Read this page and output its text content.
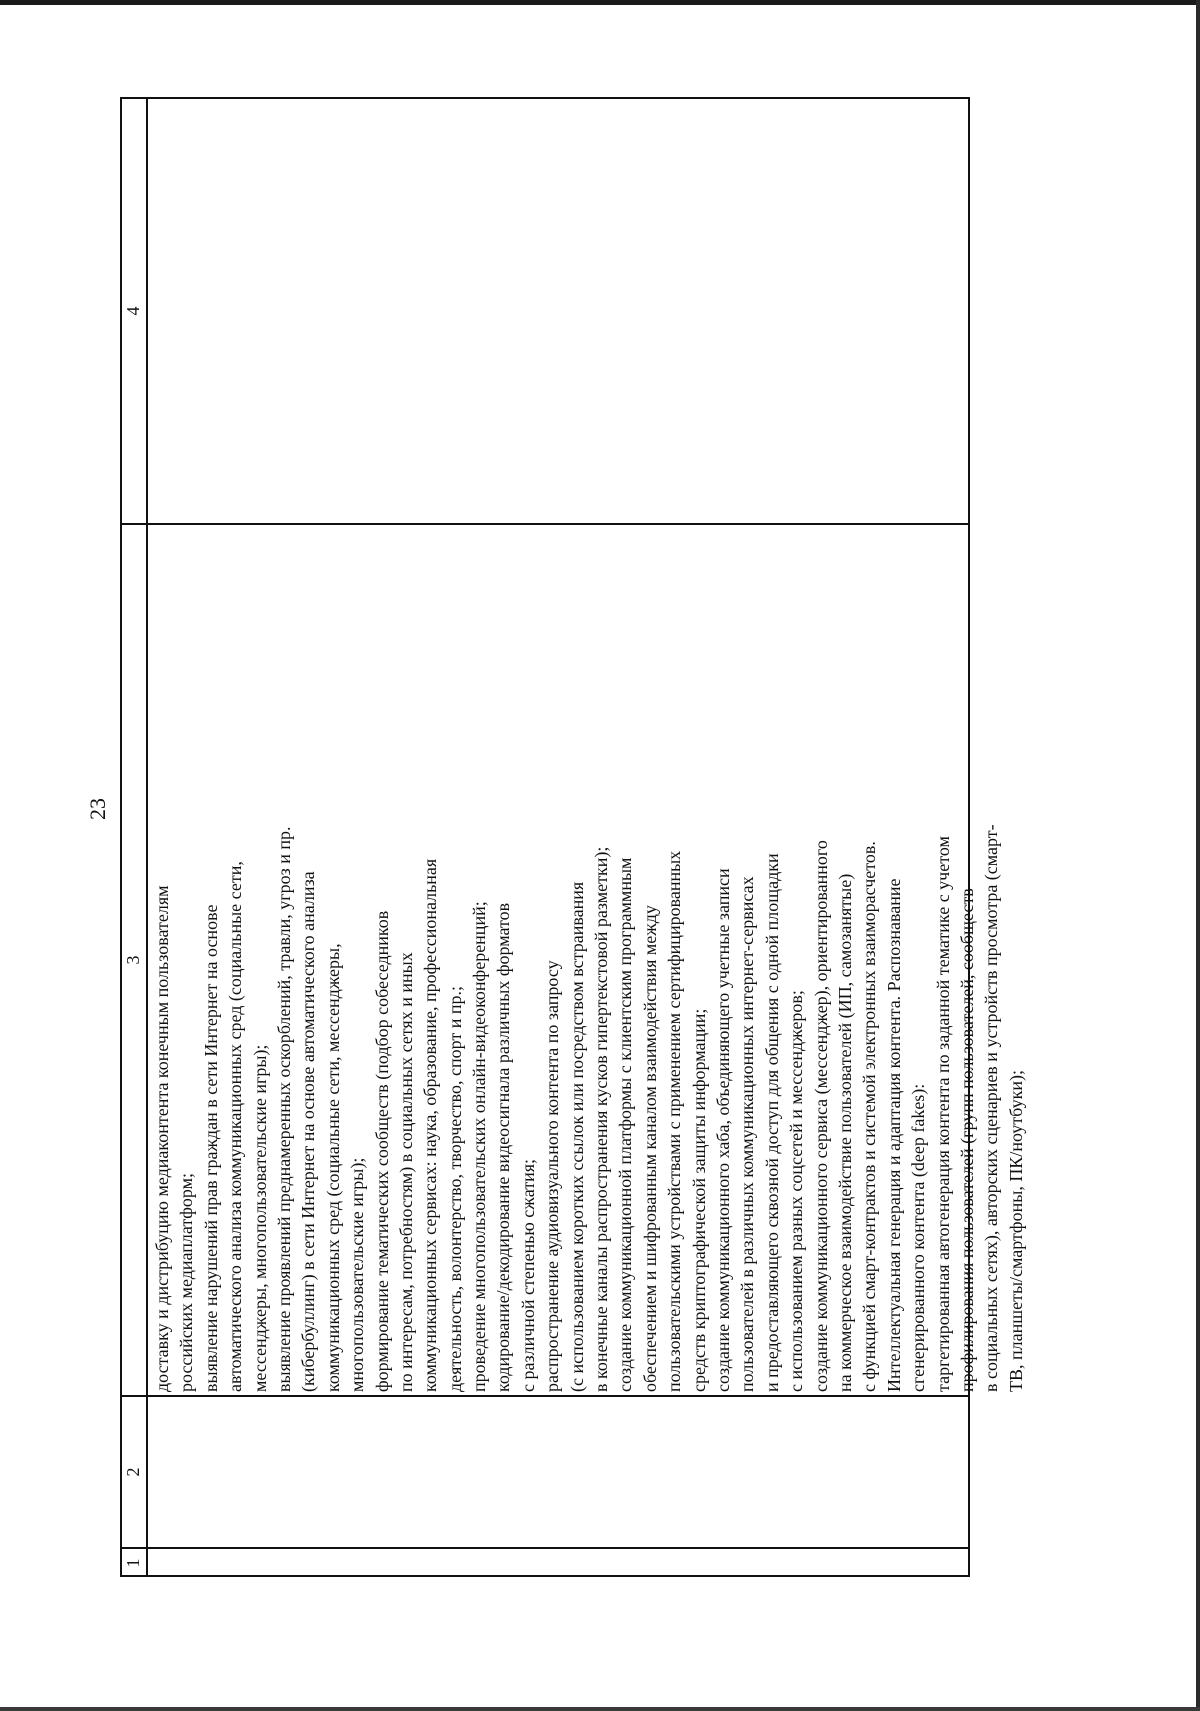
23
1
2
3
4
доставку и дистрибуцию медиаконтента конечным пользователям российских медиаплатформ; выявление нарушений прав граждан в сети Интернет на основе автоматического анализа коммуникационных сред (социальные сети, мессенджеры, многопользовательские игры); выявление проявлений преднамеренных оскорблений, травли, угроз и пр. (кибербуллинг) в сети Интернет на основе автоматического анализа коммуникационных сред (социальные сети, мессенджеры, многопользовательские игры); формирование тематических сообществ (подбор собеседников по интересам, потребностям) в социальных сетях и иных коммуникационных сервисах: наука, образование, профессиональная деятельность, волонтерство, творчество, спорт и пр.; проведение многопользовательских онлайн-видеоконференций; кодирование/декодирование видеосигнала различных форматов с различной степенью сжатия; распространение аудиовизуального контента по запросу (с использованием коротких ссылок или посредством встраивания в конечные каналы распространения кусков гипертекстовой разметки); создание коммуникационной платформы с клиентским программным обеспечением и шифрованным каналом взаимодействия между пользовательскими устройствами с применением сертифицированных средств криптографической защиты информации; создание коммуникационного хаба, объединяющего учетные записи пользователей в различных коммуникационных интернет-сервисах и предоставляющего сквозной доступ для общения с одной площадки с использованием разных соцсетей и мессенджеров; создание коммуникационного сервиса (мессенджер), ориентированного на коммерческое взаимодействие пользователей (ИП, самозанятые) с функцией смарт-контрактов и системой электронных взаиморасчетов. Интеллектуальная генерация и адаптация контента. Распознавание сгенерированного контента (deep fakes): таргетированная автогенерация контента по заданной тематике с учетом профилирования пользователей (групп пользователей, сообществ в социальных сетях), авторских сценариев и устройств просмотра (смарт- ТВ, планшеты/смартфоны, ПК/ноутбуки);
